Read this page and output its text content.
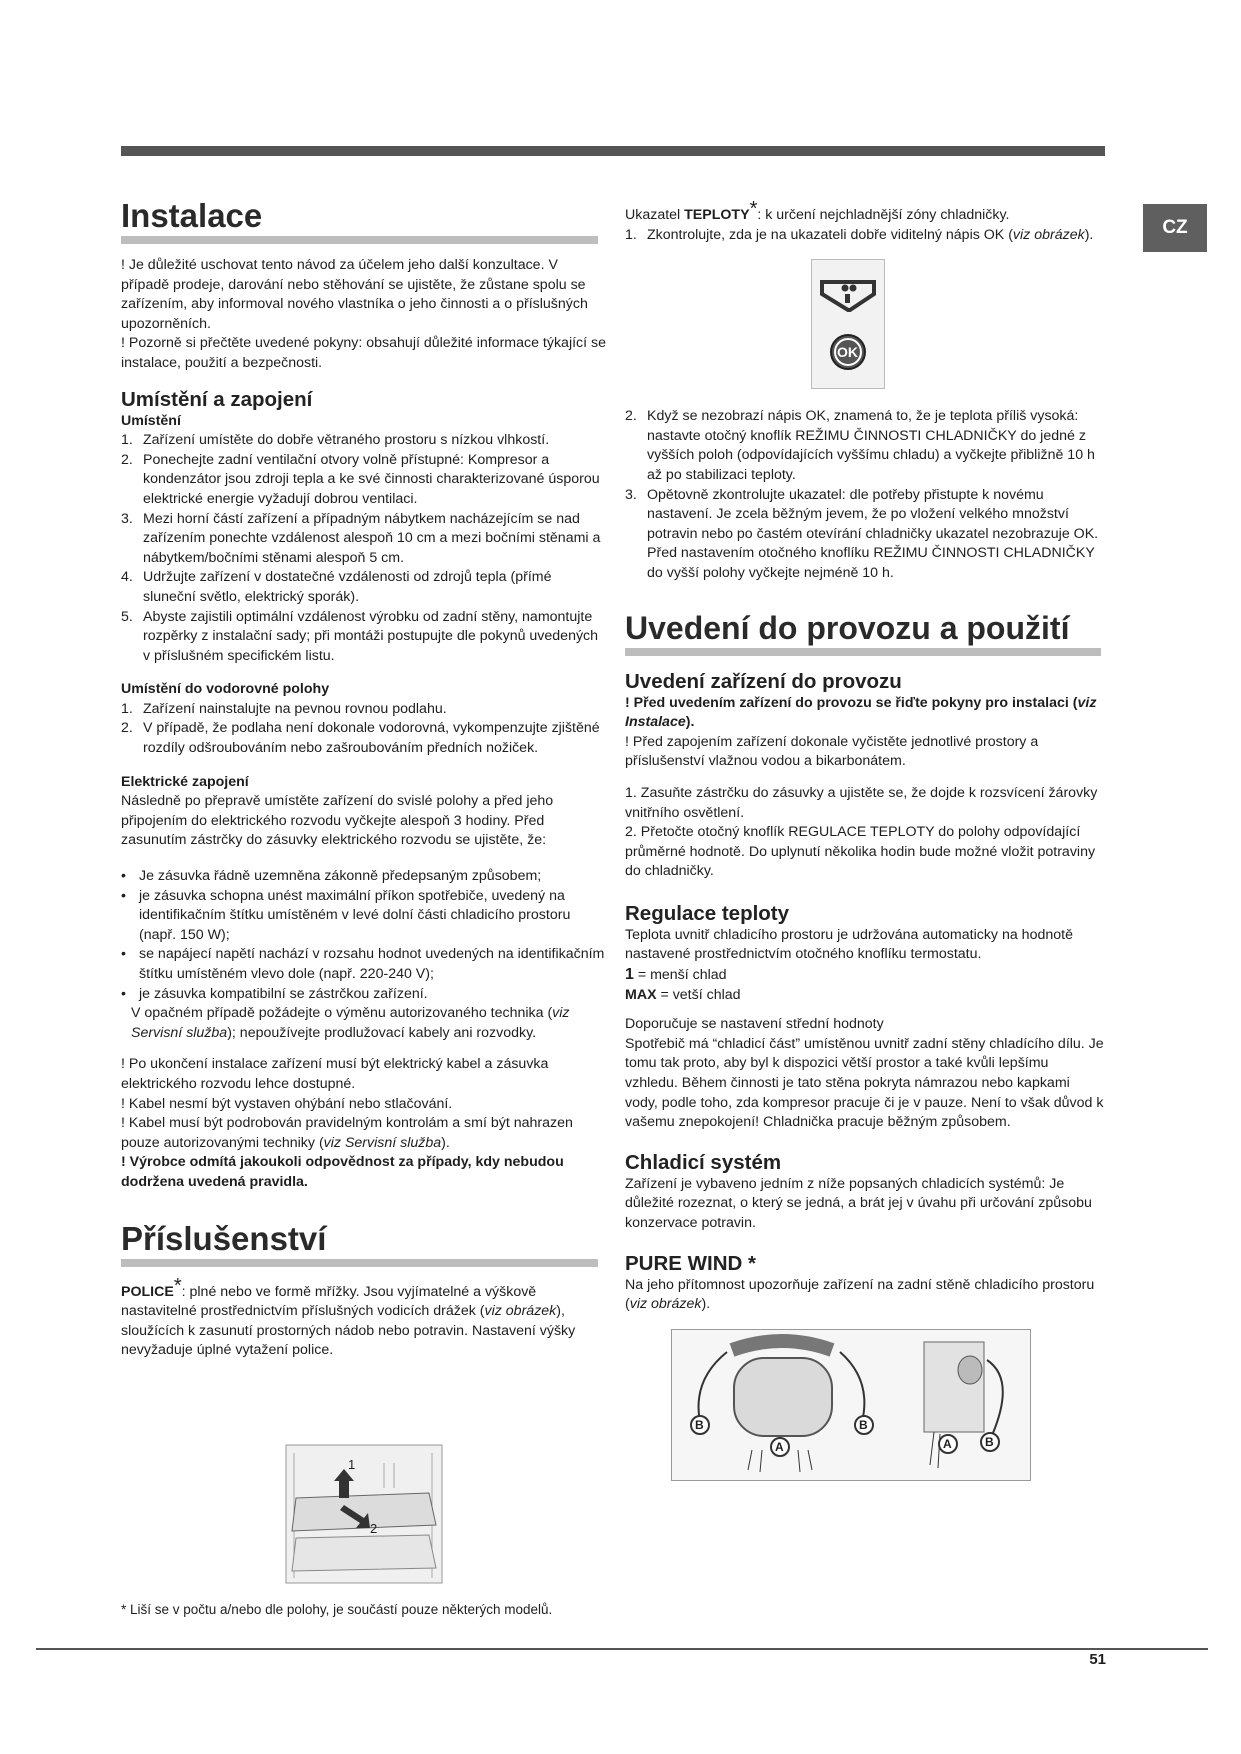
CZ
Instalace

! Je důležité uschovat tento návod za účelem jeho další konzultace. V případě prodeje, darování nebo stěhování se ujistěte, že zůstane spolu se zařízením, aby informoval nového vlastníka o jeho činnosti a o příslušných upozorněních.

! Pozorně si přečtěte uvedené pokyny: obsahují důležité informace týkající se instalace, použití a bezpečnosti.

Umístění a zapojení

Umístění

1. Zařízení umístěte do dobře větraného prostoru s nízkou vlhkostí.
2. Ponechejte zadní ventilační otvory volně přístupné: Kompresor a kondenzátor jsou zdroji tepla a ke své činnosti charakterizované úsporou elektrické energie vyžadují dobrou ventilaci.
3. Mezi horní částí zařízení a případným nábytkem nacházejícím se nad zařízením ponechte vzdálenost alespoň 10 cm a mezi bočními stěnami a nábytkem/bočními stěnami alespoň 5 cm.
4. Udržujte zařízení v dostatečné vzdálenosti od zdrojů tepla (přímé sluneční světlo, elektrický sporák).
5. Abyste zajistili optimální vzdálenost výrobku od zadní stěny, namontujte rozpěrky z instalační sady; při montáži postupujte dle pokynů uvedených v příslušném specifickém listu.

Umístění do vodorovné polohy

1. Zařízení nainstalujte na pevnou rovnou podlahu.
2. V případě, že podlaha není dokonale vodorovná, vykompenzujte zjištěné rozdíly odšroubováním nebo zašroubováním předních nožiček.

Elektrické zapojení

Následně po přepravě umístěte zařízení do svislé polohy a před jeho připojením do elektrického rozvodu vyčkejte alespoň 3 hodiny. Před zasunutím zástrčky do zásuvky elektrického rozvodu se ujistěte, že:

• Je zásuvka řádně uzemněna zákonně předepsaným způsobem;
• je zásuvka schopna unést maximální příkon spotřebiče, uvedený na identifikačním štítku umístěném v levé dolní části chladicího prostoru (např. 150 W);
• se napájecí napětí nachází v rozsahu hodnot uvedených na identifikačním štítku umístěném vlevo dole (např. 220-240 V);
• je zásuvka kompatibilní se zástrčkou zařízení.

V opačném případě požádejte o výměnu autorizovaného technika (viz Servisní služba); nepoužívejte prodlužovací kabely ani rozvodky.

! Po ukončení instalace zařízení musí být elektrický kabel a zásuvka elektrického rozvodu lehce dostupné.

! Kabel nesmí být vystaven ohýbání nebo stlačování.

! Kabel musí být podrobován pravidelným kontrolám a smí být nahrazen pouze autorizovanými techniky (viz Servisní služba).

! Výrobce odmítá jakoukoli odpovědnost za případy, kdy nebudou dodržena uvedená pravidla.

Příslušenství

POLICE*: plné nebo ve formě mřížky. Jsou vyjímatelné a výškově nastavitelné prostřednictvím příslušných vodicích drážek (viz obrázek), sloužících k zasunutí prostorných nádob nebo potravin. Nastavení výšky nevyžaduje úplné vytažení police.

1
2

Ukazatel TEPLOTY*: k určení nejchladnější zóny chladničky.

1. Zkontrolujte, zda je na ukazateli dobře viditelný nápis OK (viz obrázek).
OK
2. Když se nezobrazí nápis OK, znamená to, že je teplota příliš vysoká: nastavte otočný knoflík REŽIMU ČINNOSTI CHLADNIČKY do jedné z vyšších poloh (odpovídajících vyššímu chladu) a vyčkejte přibližně 10 h až po stabilizaci teploty.
3. Opětovně zkontrolujte ukazatel: dle potřeby přistupte k novému nastavení. Je zcela běžným jevem, že po vložení velkého množství potravin nebo po častém otevírání chladničky ukazatel nezobrazuje OK. Před nastavením otočného knoflíku REŽIMU ČINNOSTI CHLADNIČKY do vyšší polohy vyčkejte nejméně 10 h.
Uvedení do provozu a použití
Uvedení zařízení do provozu

! Před uvedením zařízení do provozu se řiďte pokyny pro instalaci (viz Instalace).

! Před zapojením zařízení dokonale vyčistěte jednotlivé prostory a příslušenství vlažnou vodou a bikarbonátem.

1. Zasuňte zástrčku do zásuvky a ujistěte se, že dojde k rozsvícení žárovky vnitřního osvětlení.

2. Přetočte otočný knoflík REGULACE TEPLOTY do polohy odpovídající průměrné hodnotě. Do uplynutí několika hodin bude možné vložit potraviny do chladničky.

Regulace teploty

Teplota uvnitř chladicího prostoru je udržována automaticky na hodnotě nastavené prostřednictvím otočného knoflíku termostatu.

1 = menší chlad

MAX = vetší chlad

Doporučuje se nastavení střední hodnoty

Spotřebič má “chladicí část” umístěnou uvnitř zadní stěny chladícího dílu. Je tomu tak proto, aby byl k dispozici větší prostor a také kvůli lepšímu vzhledu. Během činnosti je tato stěna pokryta námrazou nebo kapkami vody, podle toho, zda kompresor pracuje či je v pauze. Není to však důvod k vašemu znepokojení! Chladnička pracuje běžným způsobem.

Chladicí systém

Zařízení je vybaveno jedním z níže popsaných chladicích systémů: Je důležité rozeznat, o který se jedná, a brát jej v úvahu při určování způsobu konzervace potravin.

PURE WIND *

Na jeho přítomnost upozorňuje zařízení na zadní stěně chladicího prostoru (viz obrázek).

B	B
A	A	B

* Liší se v počtu a/nebo dle polohy, je součástí pouze některých modelů.

51
